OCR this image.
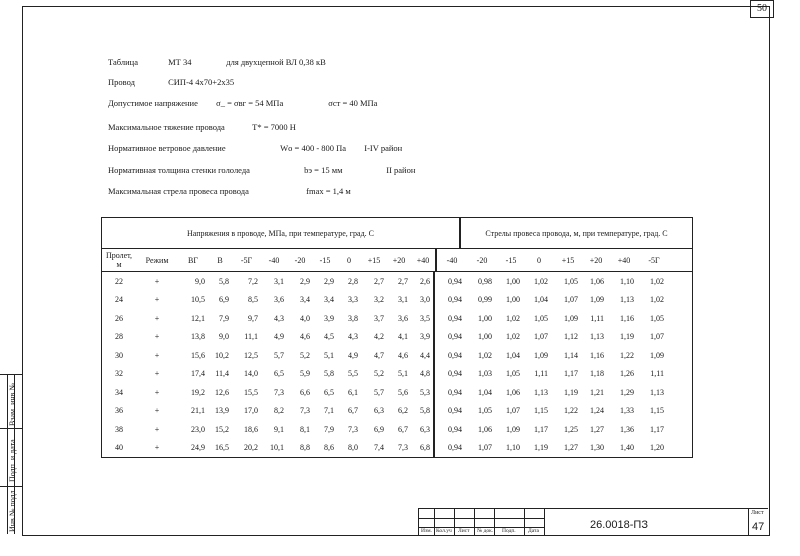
50
Инв.№ подл.
Подп. и дата
Взам. инв.№
Таблица	МТ 34	для двухцепной ВЛ 0,38 кВ
Провод	СИП-4 4х70+2х35
Допустимое напряжение σ_ = σвг = 54 МПа	σст = 40 МПа
Максимальное тяжение провода	T* = 7000 Н
Нормативное ветровое давление	Wо = 400 - 800 Па I-IV район
Нормативная толщина стенки гололеда	bэ = 15 мм	II район
Максимальная стрела провеса провода	fmax = 1,4 м
Напряжения в проводе, МПа, при температуре, град. С	Стрелы провеса провода, м, при температуре, град. С
Пролет,
м	Режим	ВГ	В	-5Г	-40	-20	-15	0	+15	+20	+40	-40	-20	-15	0	+15	+20	+40	-5Г
22	+	9,0	5,8	7,2	3,1	2,9	2,9	2,8	2,7	2,7	2,6	0,94	0,98	1,00	1,02	1,05	1,06	1,10	1,02
24	+	10,5	6,9	8,5	3,6	3,4	3,4	3,3	3,2	3,1	3,0	0,94	0,99	1,00	1,04	1,07	1,09	1,13	1,02
26	+	12,1	7,9	9,7	4,3	4,0	3,9	3,8	3,7	3,6	3,5	0,94	1,00	1,02	1,05	1,09	1,11	1,16	1,05
28	+	13,8	9,0	11,1	4,9	4,6	4,5	4,3	4,2	4,1	3,9	0,94	1,00	1,02	1,07	1,12	1,13	1,19	1,07
30	+	15,6	10,2	12,5	5,7	5,2	5,1	4,9	4,7	4,6	4,4	0,94	1,02	1,04	1,09	1,14	1,16	1,22	1,09
32	+	17,4	11,4	14,0	6,5	5,9	5,8	5,5	5,2	5,1	4,8	0,94	1,03	1,05	1,11	1,17	1,18	1,26	1,11
34	+	19,2	12,6	15,5	7,3	6,6	6,5	6,1	5,7	5,6	5,3	0,94	1,04	1,06	1,13	1,19	1,21	1,29	1,13
36	+	21,1	13,9	17,0	8,2	7,3	7,1	6,7	6,3	6,2	5,8	0,94	1,05	1,07	1,15	1,22	1,24	1,33	1,15
38	+	23,0	15,2	18,6	9,1	8,1	7,9	7,3	6,9	6,7	6,3	0,94	1,06	1,09	1,17	1,25	1,27	1,36	1,17
40	+	24,9	16,5	20,2	10,1	8,8	8,6	8,0	7,4	7,3	6,8	0,94	1,07	1,10	1,19	1,27	1,30	1,40	1,20
Изм. Кол.уч Лист № док. Подп. Дата	26.0018-ПЗ
Лист
47
